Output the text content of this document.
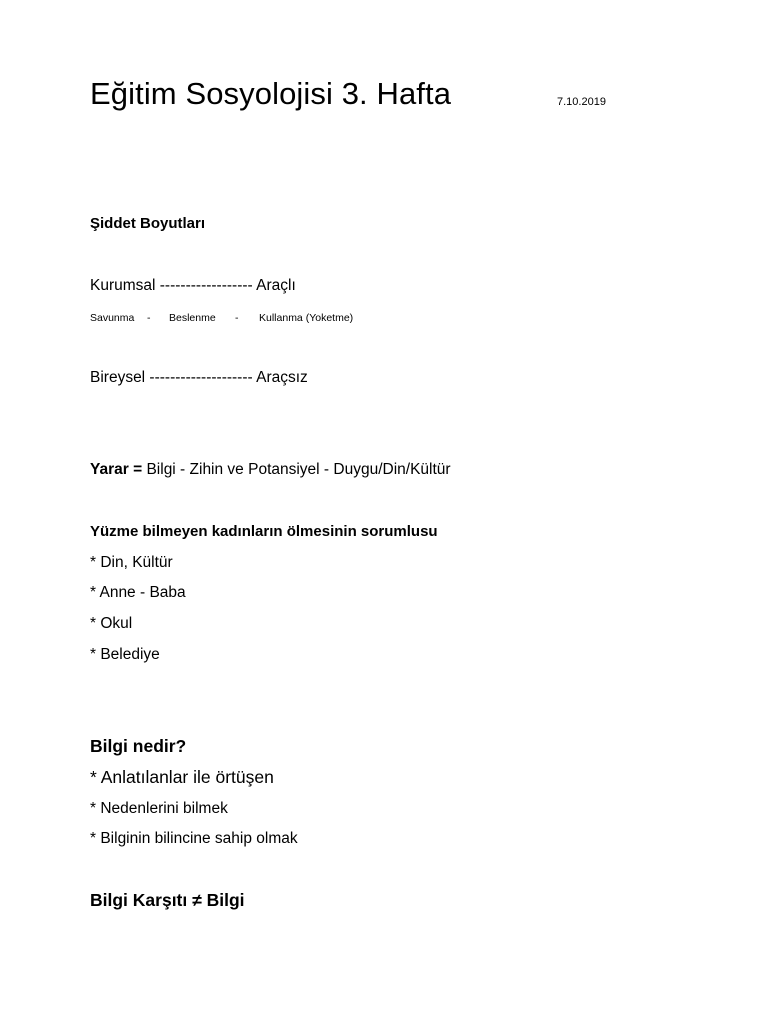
Eğitim Sosyolojisi 3. Hafta	7.10.2019
Şiddet Boyutları
Kurumsal ------------------ Araçlı
Savunma - Beslenme - Kullanma (Yoketme)
Bireysel -------------------- Araçsız
Yarar = Bilgi - Zihin ve Potansiyel - Duygu/Din/Kültür
Yüzme bilmeyen kadınların ölmesinin sorumlusu
* Din, Kültür
* Anne - Baba
* Okul
* Belediye
Bilgi nedir?
* Anlatılanlar ile örtüşen
* Nedenlerini bilmek
* Bilginin bilincine sahip olmak
Bilgi Karşıtı ≠ Bilgi
